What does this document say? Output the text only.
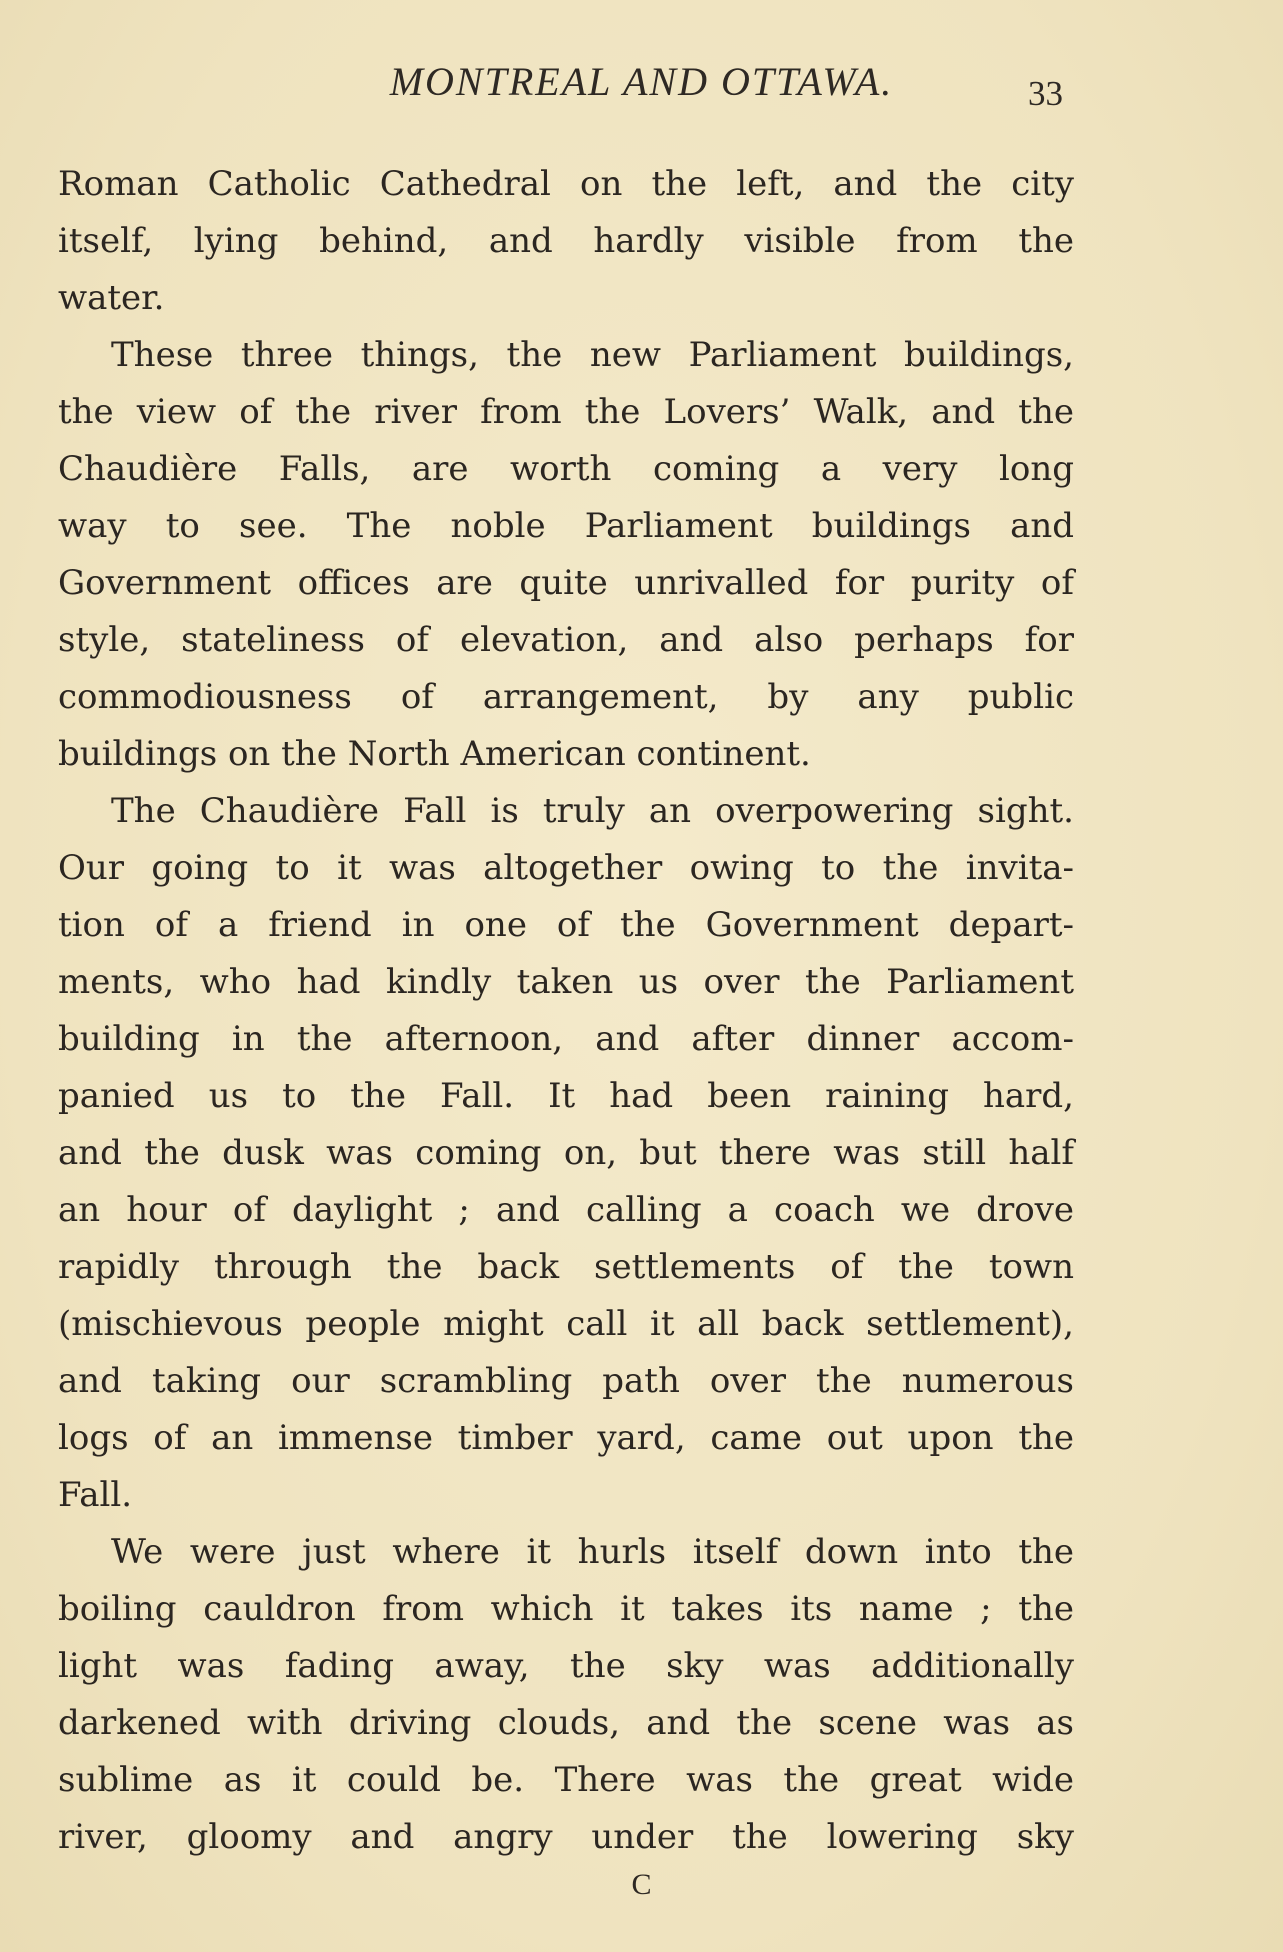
MONTREAL AND OTTAWA.	33
Roman Catholic Cathedral on the left, and the city
itself, lying behind, and hardly visible from the
water.
These three things, the new Parliament buildings,
the view of the river from the Lovers’ Walk, and the
Chaudière Falls, are worth coming a very long
way to see. The noble Parliament buildings and
Government offices are quite unrivalled for purity of
style, stateliness of elevation, and also perhaps for
commodiousness of arrangement, by any public
buildings on the North American continent.
The Chaudière Fall is truly an overpowering sight.
Our going to it was altogether owing to the invita-
tion of a friend in one of the Government depart-
ments, who had kindly taken us over the Parliament
building in the afternoon, and after dinner accom-
panied us to the Fall. It had been raining hard,
and the dusk was coming on, but there was still half
an hour of daylight ; and calling a coach we drove
rapidly through the back settlements of the town
(mischievous people might call it all back settlement),
and taking our scrambling path over the numerous
logs of an immense timber yard, came out upon the
Fall.
We were just where it hurls itself down into the
boiling cauldron from which it takes its name ; the
light was fading away, the sky was additionally
darkened with driving clouds, and the scene was as
sublime as it could be. There was the great wide
river, gloomy and angry under the lowering sky
C
